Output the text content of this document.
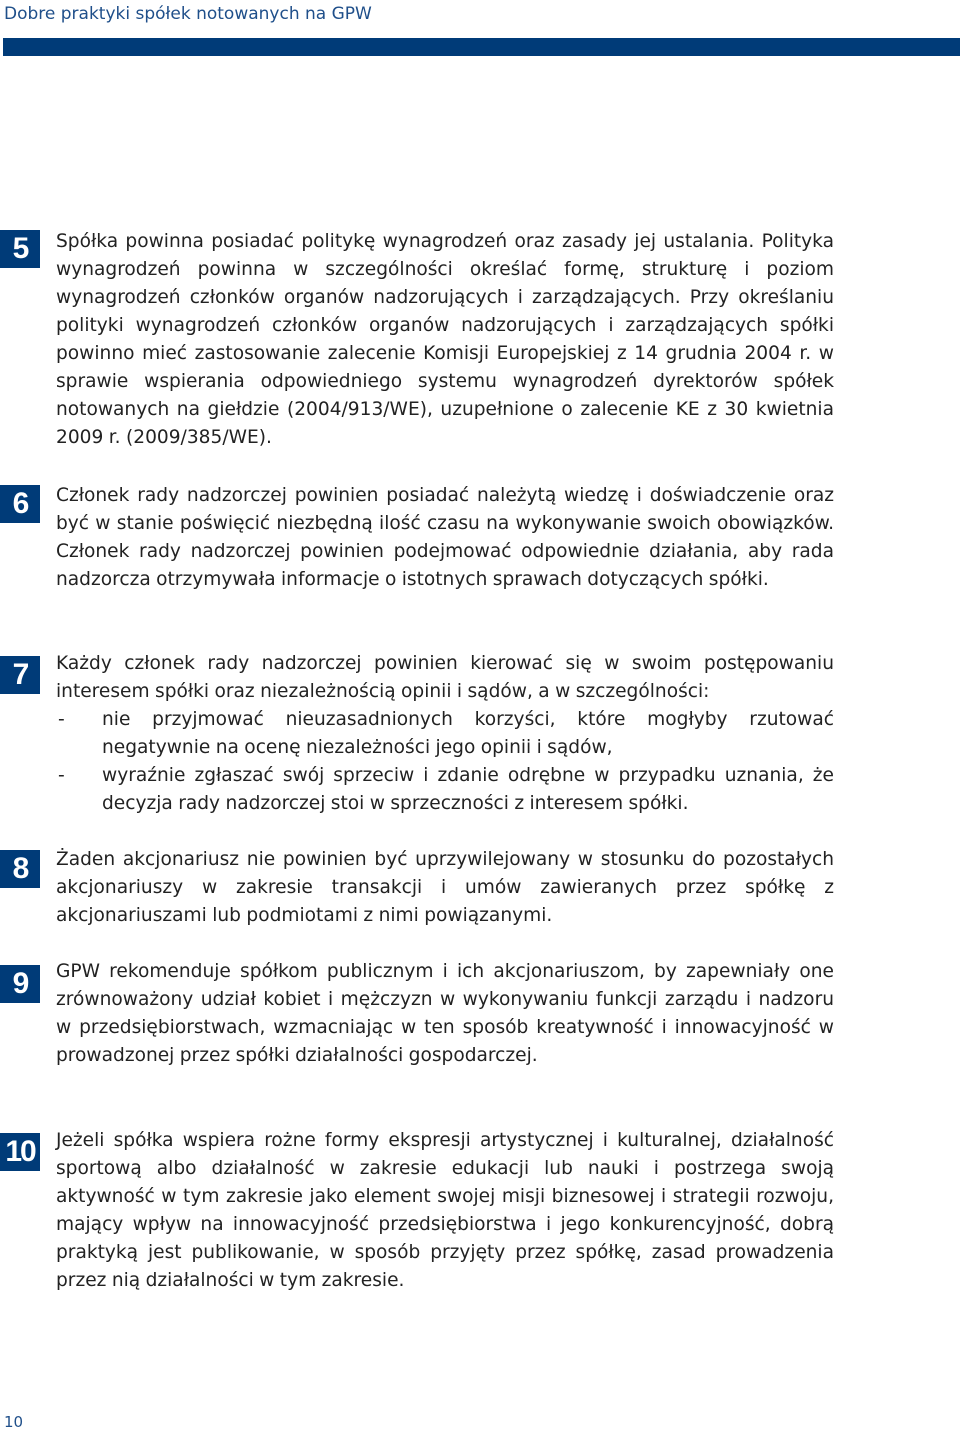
Dobre praktyki spółek notowanych na GPW
5	Spółka powinna posiadać politykę wynagrodzeń oraz zasady jej ustalania. Polityka wynagrodzeń powinna w szczególności określać formę, strukturę i poziom wynagrodzeń członków organów nadzorujących i zarządzających. Przy określaniu polityki wynagrodzeń członków organów nadzorujących i zarządzających spółki powinno mieć zastosowanie zalecenie Komisji Europejskiej z 14 grudnia 2004 r. w sprawie wspierania odpowiedniego systemu wynagrodzeń dyrektorów spółek notowanych na giełdzie (2004/913/WE), uzupełnione o zalecenie KE z 30 kwietnia 2009 r. (2009/385/WE).

6	Członek rady nadzorczej powinien posiadać należytą wiedzę i doświadczenie oraz być w stanie poświęcić niezbędną ilość czasu na wykonywanie swoich obowiązków. Członek rady nadzorczej powinien podejmować odpowiednie działania, aby rada nadzorcza otrzymywała informacje o istotnych sprawach dotyczących spółki.

7	Każdy członek rady nadzorczej powinien kierować się w swoim postępowaniu interesem spółki oraz niezależnością opinii i sądów, a w szczególności:
- nie przyjmować nieuzasadnionych korzyści, które mogłyby rzutować negatywnie na ocenę niezależności jego opinii i sądów,
- wyraźnie zgłaszać swój sprzeciw i zdanie odrębne w przypadku uznania, że decyzja rady nadzorczej stoi w sprzeczności z interesem spółki.
8	Żaden akcjonariusz nie powinien być uprzywilejowany w stosunku do pozostałych akcjonariuszy w zakresie transakcji i umów zawieranych przez spółkę z akcjonariuszami lub podmiotami z nimi powiązanymi.

9	GPW rekomenduje spółkom publicznym i ich akcjonariuszom, by zapewniały one zrównoważony udział kobiet i mężczyzn w wykonywaniu funkcji zarządu i nadzoru w przedsiębiorstwach, wzmacniając w ten sposób kreatywność i innowacyjność w prowadzonej przez spółki działalności gospodarczej.

10 Jeżeli spółka wspiera rożne formy ekspresji artystycznej i kulturalnej, działalność sportową albo działalność w zakresie edukacji lub nauki i postrzega swoją aktywność w tym zakresie jako element swojej misji biznesowej i strategii rozwoju, mający wpływ na innowacyjność przedsiębiorstwa i jego konkurencyjność, dobrą praktyką jest publikowanie, w sposób przyjęty przez spółkę, zasad prowadzenia przez nią działalności w tym zakresie.

10
